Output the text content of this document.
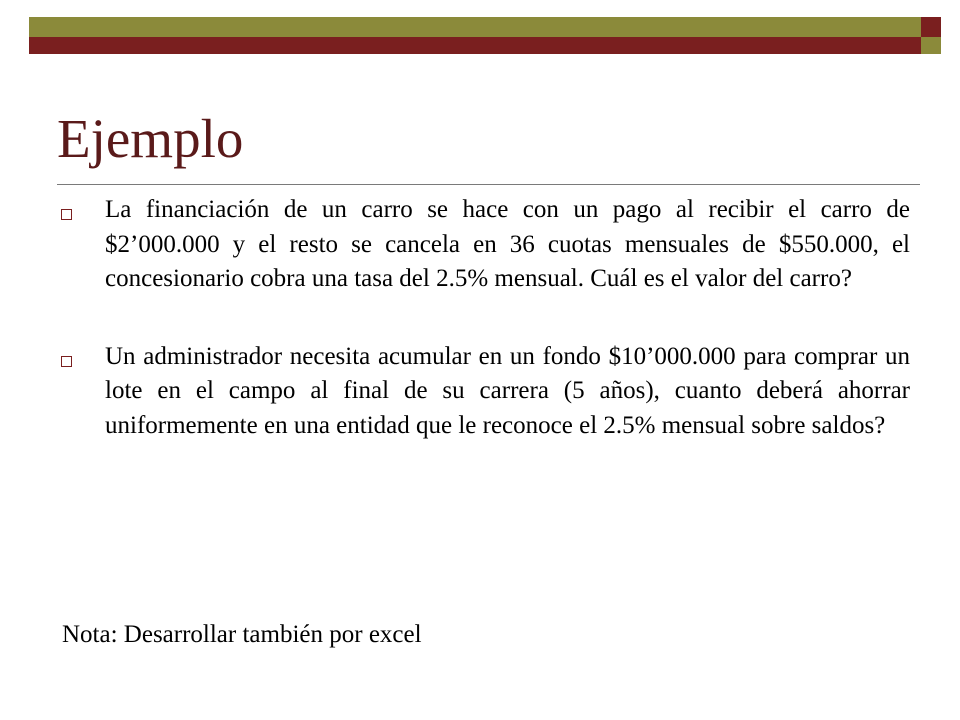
Ejemplo
La financiación de un carro se hace con un pago al recibir el carro de $2’000.000 y el resto se cancela en 36 cuotas mensuales de $550.000, el concesionario cobra una tasa del 2.5% mensual. Cuál es el valor del carro?
Un administrador necesita acumular en un fondo $10’000.000 para comprar un lote en el campo al final de su carrera (5 años), cuanto deberá ahorrar uniformemente en una entidad que le reconoce el 2.5% mensual sobre saldos?
Nota: Desarrollar también por excel
